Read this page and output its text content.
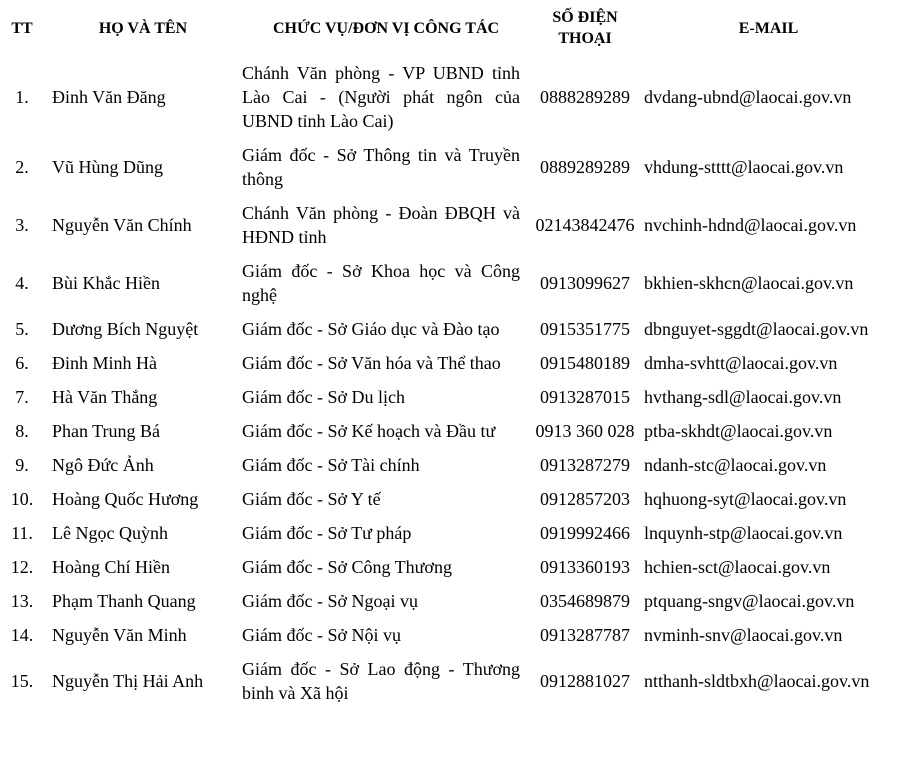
TT	HỌ VÀ TÊN	CHỨC VỤ/ĐƠN VỊ CÔNG TÁC	SỐ ĐIỆN THOẠI	E-MAIL
1.	Đinh Văn Đăng	Chánh Văn phòng - VP UBND tỉnh Lào Cai - (Người phát ngôn của UBND tỉnh Lào Cai)	0888289289	dvdang-ubnd@laocai.gov.vn
2.	Vũ Hùng Dũng	Giám đốc - Sở Thông tin và Truyền thông	0889289289	vhdung-stttt@laocai.gov.vn
3.	Nguyễn Văn Chính	Chánh Văn phòng - Đoàn ĐBQH và HĐND tỉnh	02143842476	nvchinh-hdnd@laocai.gov.vn
4.	Bùi Khắc Hiền	Giám đốc - Sở Khoa học và Công nghệ	0913099627	bkhien-skhcn@laocai.gov.vn
5.	Dương Bích Nguyệt	Giám đốc - Sở Giáo dục và Đào tạo	0915351775	dbnguyet-sggdt@laocai.gov.vn
6.	Đinh Minh Hà	Giám đốc - Sở Văn hóa và Thể thao	0915480189	dmha-svhtt@laocai.gov.vn
7.	Hà Văn Thắng	Giám đốc - Sở Du lịch	0913287015	hvthang-sdl@laocai.gov.vn
8.	Phan Trung Bá	Giám đốc - Sở Kế hoạch và Đầu tư	0913 360 028	ptba-skhdt@laocai.gov.vn
9.	Ngô Đức Ảnh	Giám đốc - Sở Tài chính	0913287279	ndanh-stc@laocai.gov.vn
10.	Hoàng Quốc Hương	Giám đốc - Sở Y tế	0912857203	hqhuong-syt@laocai.gov.vn
11.	Lê Ngọc Quỳnh	Giám đốc - Sở Tư pháp	0919992466	lnquynh-stp@laocai.gov.vn
12.	Hoàng Chí Hiền	Giám đốc - Sở Công Thương	0913360193	hchien-sct@laocai.gov.vn
13.	Phạm Thanh Quang	Giám đốc - Sở Ngoại vụ	0354689879	ptquang-sngv@laocai.gov.vn
14.	Nguyễn Văn Minh	Giám đốc - Sở Nội vụ	0913287787	nvminh-snv@laocai.gov.vn
15.	Nguyễn Thị Hải Anh	Giám đốc - Sở Lao động - Thương binh và Xã hội	0912881027	ntthanh-sldtbxh@laocai.gov.vn
